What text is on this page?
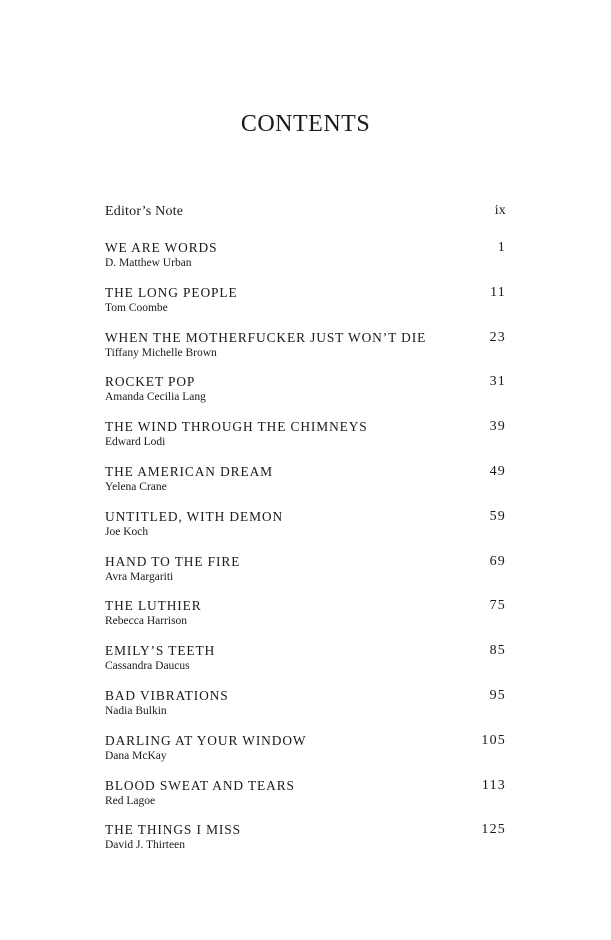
CONTENTS
Editor’s Note	ix
WE ARE WORDS
D. Matthew Urban
1
THE LONG PEOPLE
Tom Coombe
11
WHEN THE MOTHERFUCKER JUST WON’T DIE
Tiffany Michelle Brown
23
ROCKET POP
Amanda Cecilia Lang
31
THE WIND THROUGH THE CHIMNEYS
Edward Lodi
39
THE AMERICAN DREAM
Yelena Crane
49
UNTITLED, WITH DEMON
Joe Koch
59
HAND TO THE FIRE
Avra Margariti
69
THE LUTHIER
Rebecca Harrison
75
EMILY’S TEETH
Cassandra Daucus
85
BAD VIBRATIONS
Nadia Bulkin
95
DARLING AT YOUR WINDOW
Dana McKay
105
BLOOD SWEAT AND TEARS
Red Lagoe
113
THE THINGS I MISS
David J. Thirteen
125
